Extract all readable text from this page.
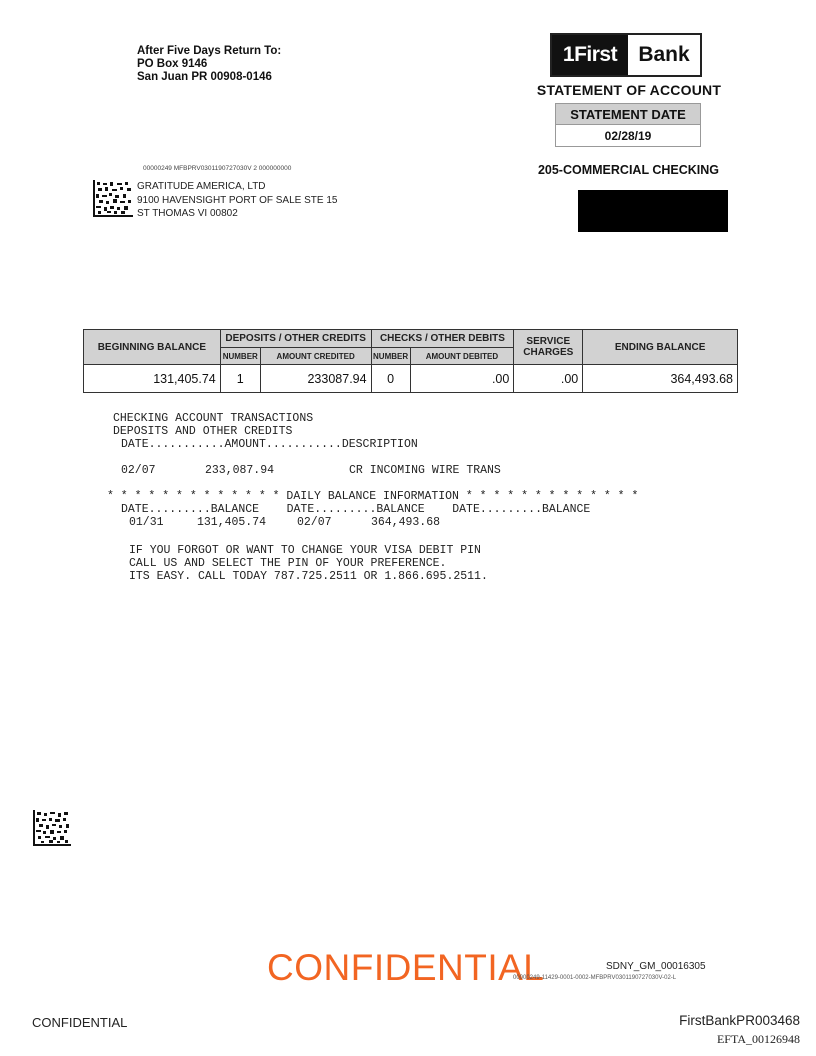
After Five Days Return To:
PO Box 9146
San Juan PR 00908-0146
1First	Bank
STATEMENT OF ACCOUNT
STATEMENT DATE
02/28/19
205-COMMERCIAL CHECKING
00000249 MFBPRV0301190727030V 2 000000000
GRATITUDE AMERICA, LTD
9100 HAVENSIGHT PORT OF SALE STE 15
ST THOMAS VI 00802
BEGINNING BALANCE	DEPOSITS / OTHER CREDITS		CHECKS / OTHER DEBITS		SERVICE CHARGES	ENDING BALANCE
	NUMBER	AMOUNT CREDITED	NUMBER	AMOUNT DEBITED		
131,405.74	1	233087.94	0	.00	.00	364,493.68
CHECKING ACCOUNT TRANSACTIONS
DEPOSITS AND OTHER CREDITS
DATE...........AMOUNT...........DESCRIPTION
02/07	233,087.94	CR INCOMING WIRE TRANS
* * * * * * * * * * * * * DAILY BALANCE INFORMATION * * * * * * * * * * * * *
DATE.........BALANCE    DATE.........BALANCE    DATE.........BALANCE
01/31	131,405.74	02/07	364,493.68
IF YOU FORGOT OR WANT TO CHANGE YOUR VISA DEBIT PIN
CALL US AND SELECT THE PIN OF YOUR PREFERENCE.
ITS EASY. CALL TODAY 787.725.2511 OR 1.866.695.2511.
CONFIDENTIAL	SDNY_GM_00016305
00000249-11429-0001-0002-MFBPRV0301190727030V-02-L
CONFIDENTIAL	FirstBankPR003468
EFTA_00126948
